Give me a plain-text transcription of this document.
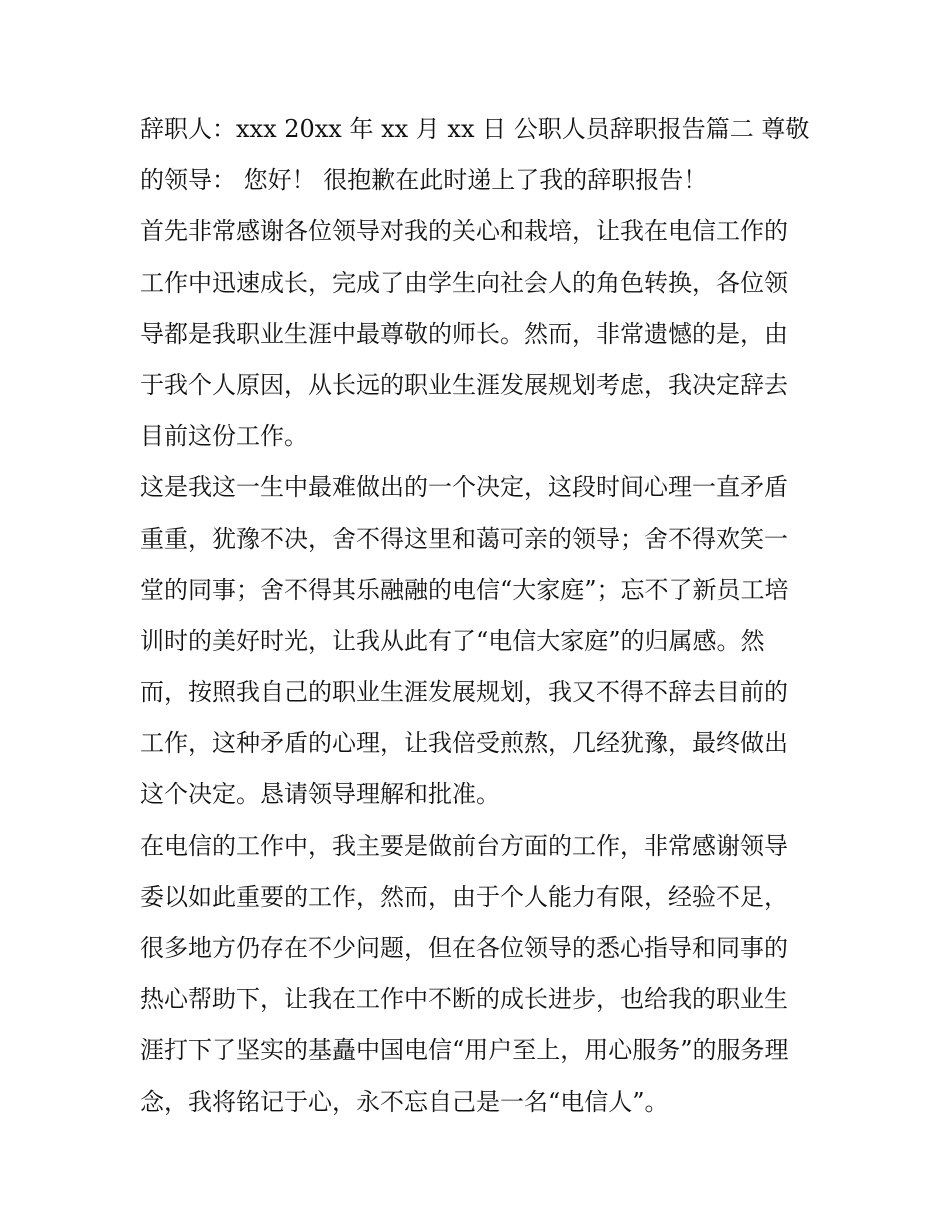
辞职人：xxx 20xx 年 xx 月 xx 日 公职人员辞职报告篇二 尊敬
的领导： 您好！ 很抱歉在此时递上了我的辞职报告！
首先非常感谢各位领导对我的关心和栽培，让我在电信工作的
工作中迅速成长，完成了由学生向社会人的角色转换，各位领
导都是我职业生涯中最尊敬的师长。然而，非常遗憾的是，由
于我个人原因，从长远的职业生涯发展规划考虑，我决定辞去
目前这份工作。
这是我这一生中最难做出的一个决定，这段时间心理一直矛盾
重重，犹豫不决，舍不得这里和蔼可亲的领导；舍不得欢笑一
堂的同事；舍不得其乐融融的电信“大家庭”；忘不了新员工培
训时的美好时光，让我从此有了“电信大家庭”的归属感。然
而，按照我自己的职业生涯发展规划，我又不得不辞去目前的
工作，这种矛盾的心理，让我倍受煎熬，几经犹豫，最终做出
这个决定。恳请领导理解和批准。
在电信的工作中，我主要是做前台方面的工作，非常感谢领导
委以如此重要的工作，然而，由于个人能力有限，经验不足，
很多地方仍存在不少问题，但在各位领导的悉心指导和同事的
热心帮助下，让我在工作中不断的成长进步，也给我的职业生
涯打下了坚实的基矗中国电信“用户至上，用心服务”的服务理
念，我将铭记于心，永不忘自己是一名“电信人”。
